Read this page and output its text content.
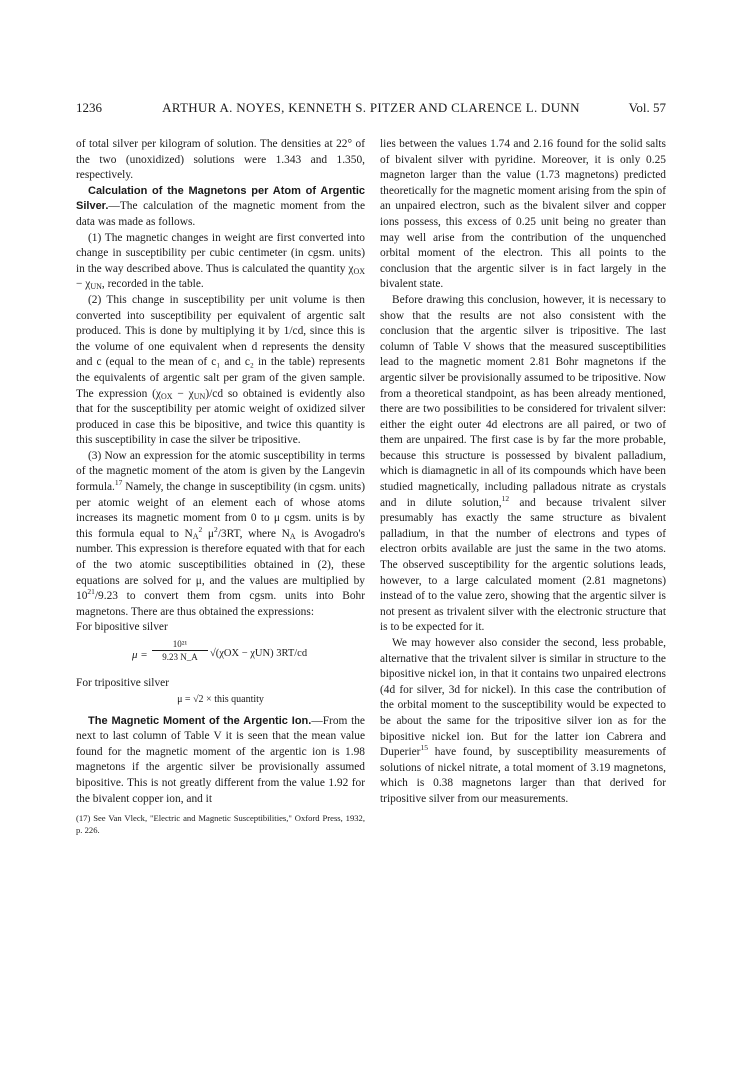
1236	ARTHUR A. NOYES, KENNETH S. PITZER AND CLARENCE L. DUNN	Vol. 57

of total silver per kilogram of solution. The densities at 22° of the two (unoxidized) solutions were 1.343 and 1.350, respectively.

Calculation of the Magnetons per Atom of Argentic Silver.—The calculation of the magnetic moment from the data was made as follows.

(1) The magnetic changes in weight are first converted into change in susceptibility per cubic centimeter (in cgsm. units) in the way described above. Thus is calculated the quantity $\chi_{OX} - \chi_{UN}$, recorded in the table.

(2) This change in susceptibility per unit volume is then converted into susceptibility per equivalent of argentic salt produced. This is done by multiplying it by 1/cd, since this is the volume of one equivalent when d represents the density and c (equal to the mean of c₁ and c₂ in the table) represents the equivalents of argentic salt per gram of the given sample. The expression $(\chi_{OX} - \chi_{UN})/cd$ so obtained is evidently also that for the susceptibility per atomic weight of oxidized silver produced in case this be bipositive, and twice this quantity is this susceptibility in case the silver be tripositive.

(3) Now an expression for the atomic susceptibility in terms of the magnetic moment of the atom is given by the Langevin formula.$^{17}$ Namely, the change in susceptibility (in cgsm. units) per atomic weight of an element each of whose atoms increases its magnetic moment from 0 to μ cgsm. units is by this formula equal to $N_A^2$ $\mu^2/3RT$, where $N_A$ is Avogadro's number. This expression is therefore equated with that for each of the two atomic susceptibilities obtained in (2), these equations are solved for μ, and the values are multiplied by $10^{21}/9.23$ to convert them from cgsm. units into Bohr magnetons. There are thus obtained the expressions:

For bipositive silver

$\mu = \frac{\text{10²¹}}{9.23 N\_A} √(\chi OX - \chi UN)$ 3RT/cd

For tripositive silver

μ = √2 × this quantity

The Magnetic Moment of the Argentic Ion.—From the next to last column of Table V it is seen that the mean value found for the magnetic moment of the argentic ion is 1.98 magnetons if the argentic silver be provisionally assumed bipositive. This is not greatly different from the value 1.92 for the bivalent copper ion, and it

(17) See Van Vleck, "Electric and Magnetic Susceptibilities," Oxford Press, 1932, p. 226.

lies between the values 1.74 and 2.16 found for the solid salts of bivalent silver with pyridine. Moreover, it is only 0.25 magneton larger than the value (1.73 magnetons) predicted theoretically for the magnetic moment arising from the spin of an unpaired electron, such as the bivalent silver and copper ions possess, this excess of 0.25 unit being no greater than may well arise from the contribution of the unquenched orbital moment of the electron. This all points to the conclusion that the argentic silver is in fact largely in the bivalent state.

Before drawing this conclusion, however, it is necessary to show that the results are not also consistent with the conclusion that the argentic silver is tripositive. The last column of Table V shows that the measured susceptibilities lead to the magnetic moment 2.81 Bohr magnetons if the argentic silver be provisionally assumed to be tripositive. Now from a theoretical standpoint, as has been already mentioned, there are two possibilities to be considered for trivalent silver: either the eight outer 4d electrons are all paired, or two of them are unpaired. The first case is by far the more probable, because this structure is possessed by bivalent palladium, which is diamagnetic in all of its compounds which have been studied magnetically, including palladous nitrate as crystals and in dilute solution,$^{12}$ and because trivalent silver presumably has exactly the same structure as bivalent palladium, in that the number of electrons and types of electron orbits available are just the same in the two atoms. The observed susceptibility for the argentic solutions leads, however, to a large calculated moment (2.81 magnetons) instead of to the value zero, showing that the argentic silver is not present as trivalent silver with the electronic structure that is to be expected for it.

We may however also consider the second, less probable, alternative that the trivalent silver is similar in structure to the bipositive nickel ion, in that it contains two unpaired electrons (4d for silver, 3d for nickel). In this case the contribution of the orbital moment to the susceptibility would be expected to be about the same for the tripositive silver ion as for the bipositive nickel ion. But for the latter ion Cabrera and Duperier$^{15}$ have found, by susceptibility measurements of solutions of nickel nitrate, a total moment of 3.19 magnetons, which is 0.38 magnetons larger than that derived for tripositive silver from our measurements.
